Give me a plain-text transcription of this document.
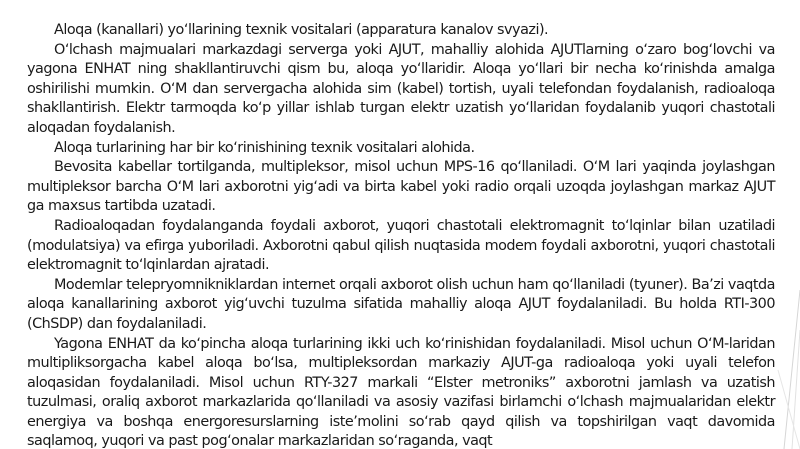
Aloqa (kanallari) yo‘llarining texnik vositalari (apparatura kanalov svyazi).

O‘lchash majmualari markazdagi serverga yoki AJUT, mahalliy alohida AJUTlarning o‘zaro bog‘lovchi va yagona ENHAT ning shakllantiruvchi qism bu, aloqa yo‘llaridir. Aloqa yo‘llari bir necha ko‘rinishda amalga oshirilishi mumkin. O‘M dan servergacha alohida sim (kabel) tortish, uyali telefondan foydalanish, radioaloqa shakllantirish. Elektr tarmoqda ko‘p yillar ishlab turgan elektr uzatish yo‘llaridan foydalanib yuqori chastotali aloqadan foydalanish.

Aloqa turlarining har bir ko‘rinishining texnik vositalari alohida.

Bevosita kabellar tortilganda, multipleksor, misol uchun MPS-16 qo‘llaniladi. O‘M lari yaqinda joylashgan multipleksor barcha O‘M lari axborotni yig‘adi va birta kabel yoki radio orqali uzoqda joylashgan markaz AJUT ga maxsus tartibda uzatadi.

Radioaloqadan foydalanganda foydali axborot, yuqori chastotali elektromagnit to‘lqinlar bilan uzatiladi (modulatsiya) va efirga yuboriladi. Axborotni qabul qilish nuqtasida modem foydali axborotni, yuqori chastotali elektromagnit to‘lqinlardan ajratadi.

Modemlar telepryomnikniklardan internet orqali axborot olish uchun ham qo‘llaniladi (tyuner). Ba’zi vaqtda aloqa kanallarining axborot yig‘uvchi tuzulma sifatida mahalliy aloqa AJUT foydalaniladi. Bu holda RTI-300 (ChSDP) dan foydalaniladi.

Yagona ENHAT da ko‘pincha aloqa turlarining ikki uch ko‘rinishidan foydalaniladi. Misol uchun O‘M-laridan multipliksorgacha kabel aloqa bo‘lsa, multipleksordan markaziy AJUT-ga radioaloqa yoki uyali telefon aloqasidan foydalaniladi. Misol uchun RTY-327 markali “Elster metroniks” axborotni jamlash va uzatish tuzulmasi, oraliq axborot markazlarida qo‘llaniladi va asosiy vazifasi birlamchi o‘lchash majmualaridan elektr energiya va boshqa energoresurslarning iste’molini so‘rab qayd qilish va topshirilgan vaqt davomida saqlamoq, yuqori va past pog‘onalar markazlaridan so‘raganda, vaqt
